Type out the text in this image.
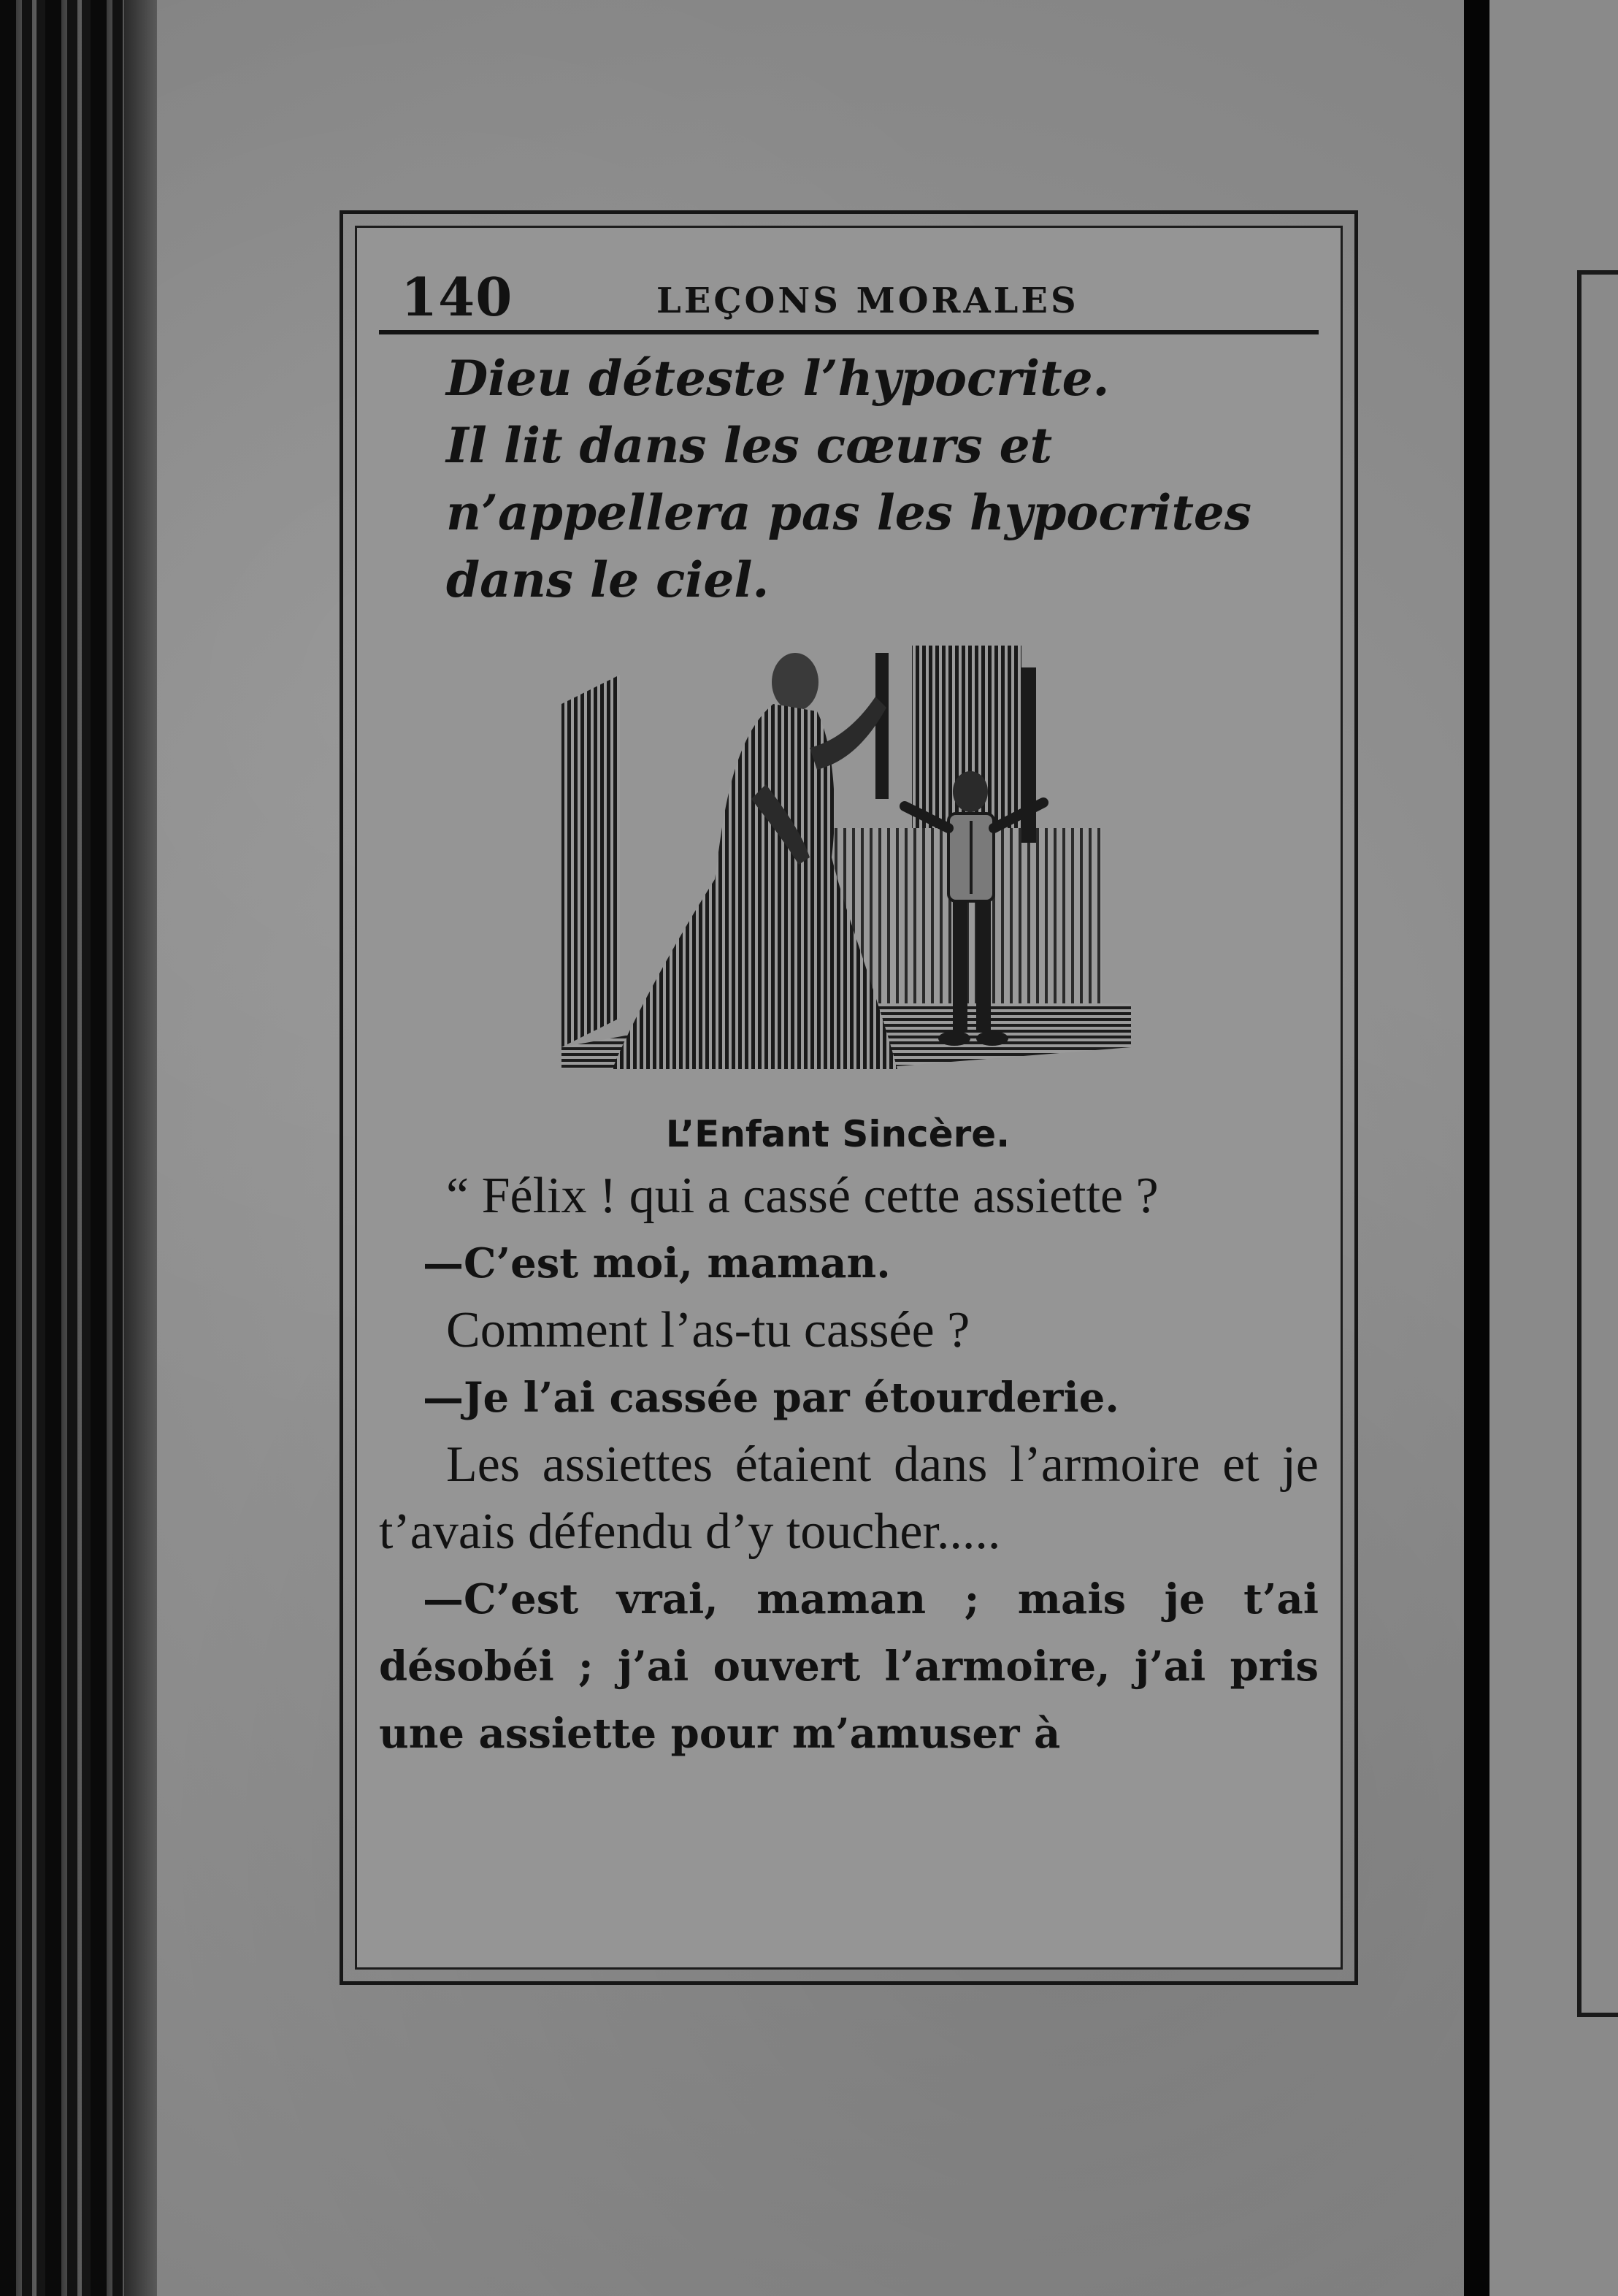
140	LEÇONS MORALES

Dieu déteste l’hypocrite.

Il lit dans les cœurs et n’appellera pas les hypocrites dans le ciel.

L’Enfant Sincère.

“ Félix ! qui a cassé cette assiette ?

—C’est moi, maman.

Comment l’as-tu cassée ?

—Je l’ai cassée par étourderie.

Les assiettes étaient dans l’armoire et je t’avais défendu d’y toucher.....

—C’est vrai, maman ; mais je t’ai désobéi ; j’ai ouvert l’armoire, j’ai pris une assiette pour m’amuser à
